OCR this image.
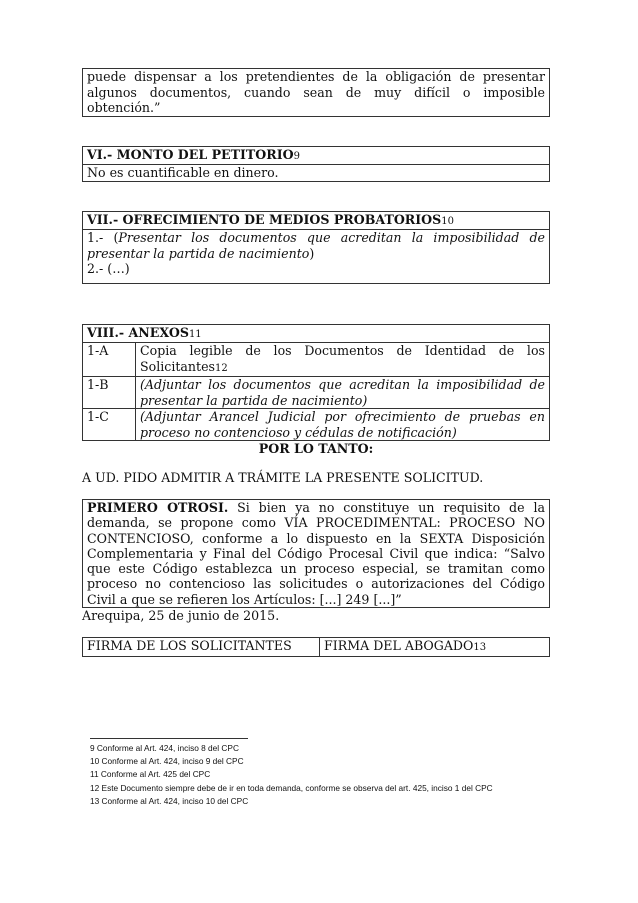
puede dispensar a los pretendientes de la obligación de presentar algunos documentos, cuando sean de muy difícil o imposible obtención.”
VI.- MONTO DEL PETITORIO9
No es cuantificable en dinero.
VII.- OFRECIMIENTO DE MEDIOS PROBATORIOS10
1.- (Presentar los documentos que acreditan la imposibilidad de presentar la partida de nacimiento)
2.- (…)
VIII.- ANEXOS11
1-A	Copia legible de los Documentos de Identidad de los Solicitantes12
1-B	(Adjuntar los documentos que acreditan la imposibilidad de presentar la partida de nacimiento)
1-C	(Adjuntar Arancel Judicial por ofrecimiento de pruebas en proceso no contencioso y cédulas de notificación)
POR LO TANTO:
A UD. PIDO ADMITIR A TRÁMITE LA PRESENTE SOLICITUD.
PRIMERO OTROSI. Si bien ya no constituye un requisito de la demanda, se propone como VÍA PROCEDIMENTAL: PROCESO NO CONTENCIOSO, conforme a lo dispuesto en la SEXTA Disposición Complementaria y Final del Código Procesal Civil que indica: “Salvo que este Código establezca un proceso especial, se tramitan como proceso no contencioso las solicitudes o autorizaciones del Código Civil a que se refieren los Artículos: [...] 249 [...]”
Arequipa, 25 de junio de 2015.
FIRMA DE LOS SOLICITANTES	FIRMA DEL ABOGADO13
9 Conforme al Art. 424, inciso 8 del CPC
10 Conforme al Art. 424, inciso 9 del CPC
11 Conforme al Art. 425 del CPC
12 Este Documento siempre debe de ir en toda demanda, conforme se observa del art. 425, inciso 1 del CPC
13 Conforme al Art. 424, inciso 10 del CPC
